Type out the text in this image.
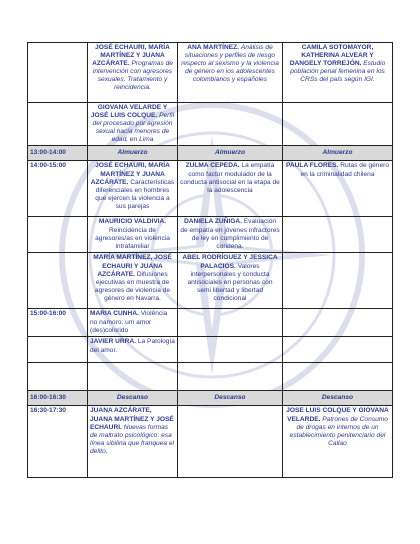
	JOSÉ ECHAURI, MARÍA MARTÍNEZ Y JUANA AZCÁRATE. Programas de intervención con agresores sexuales. Tratamiento y reincidencia.	ANA MARTÍNEZ. Análisis de situaciones y perfiles de riesgo respecto al sexismo y la violencia de género en los adolescentes colombianos y españoles	CAMILA SOTOMAYOR, KATHERINA ALVEAR Y DANGELY TORREJÓN. Estudio población penal femenina en los CRSs del país según IGI.
	GIOVANA VELARDE Y JOSÉ LUIS COLQUE. Perfil del procesado por agresión sexual hacia menores de edad, en Lima		
13:00-14:00	Almuerzo	Almuerzo	Almuerzo
14:00-15:00	JOSÉ ECHAURI, MARÍA MARTÍNEZ Y JUANA AZCÁRATE. Características diferenciales en hombres que ejercen la violencia a sus parejas	ZULMA CEPEDA. La empatía como factor modulador de la conducta antisocial en la etapa de la adolescencia	PAULA FLORES. Rutas de género en la criminalidad chilena
	MAURICIO VALDIVIA. Reincidencia de agresores/as en violencia intrafamiliar	DANIELA ZUÑIGA. Evaluación de empatía en jóvenes infractores de ley en cumplimiento de condena.	
	MARÍA MARTÍNEZ, JOSÉ ECHAURI Y JUANA AZCÁRATE. Difusiones ejecutivas en muestra de agresores de violencia de género en Navarra.	ABEL RODRÍGUEZ Y JESSICA PALACIOS. Valores interpersonales y conducta antisociales en personas con semi libertad y libertad condicional	
15:00-16:00	MARIA CUNHA. Violência no namoro: um amor (des)colorido		
	JAVIER URRA. La Patología del amor.		

16:00-16:30	Descanso	Descanso	Descanso
16:30-17:30	JUANA AZCÁRATE, JUANA MARTÍNEZ Y JOSÉ ECHAURI. Nuevas formas de maltrato psicológico: esa línea sibilina que franquea el delito.		JOSE LUIS COLQUE Y GIOVANA VELARDE. Patrones de Consumo de drogas en internos de un establecimiento penitenciario del Callao
